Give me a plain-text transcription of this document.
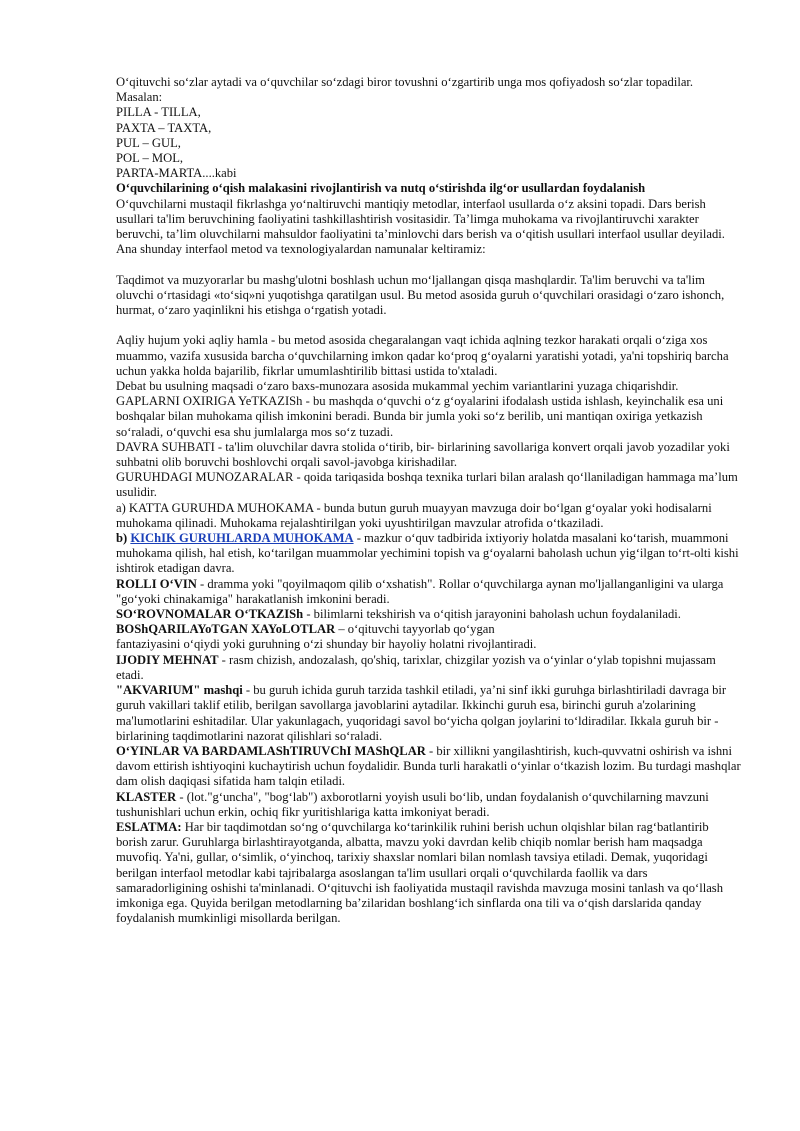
O‘qituvchi so‘zlar aytadi va o‘quvchilar so‘zdagi biror tovushni o‘zgartirib unga mos qofiyadosh so‘zlar topadilar.

Masalan:

PILLA - TILLA,

PAXTA – TAXTA,

PUL – GUL,

POL – MOL,

PARTA-MARTA....kabi

O‘quvchilarining o‘qish malakasini rivojlantirish va nutq o‘stirishda ilg‘or usullardan foydalanish

O‘quvchilarni mustaqil fikrlashga yo‘naltiruvchi mantiqiy metodlar, interfaol usullarda o‘z aksini topadi. Dars berish usullari ta'lim beruvchining faoliyatini tashkillashtirish vositasidir. Ta’limga muhokama va rivojlantiruvchi xarakter beruvchi, ta’lim oluvchilarni mahsuldor faoliyatini ta’minlovchi dars berish va o‘qitish usullari interfaol usullar deyiladi. Ana shunday interfaol metod va texnologiyalardan namunalar keltiramiz:

Taqdimot va muzyorarlar bu mashg'ulotni boshlash uchun mo‘ljallangan qisqa mashqlardir. Ta'lim beruvchi va ta'lim oluvchi o‘rtasidagi «to‘siq»ni yuqotishga qaratilgan usul. Bu metod asosida guruh o‘quvchilari orasidagi o‘zaro ishonch, hurmat, o‘zaro yaqinlikni his etishga o‘rgatish yotadi.

Aqliy hujum yoki aqliy hamla - bu metod asosida chegaralangan vaqt ichida aqlning tezkor harakati orqali o‘ziga xos muammo, vazifa xususida barcha o‘quvchilarning imkon qadar ko‘proq g‘oyalarni yaratishi yotadi, ya'ni topshiriq barcha uchun yakka holda bajarilib, fikrlar umumlashtirilib bittasi ustida to'xtaladi.

Debat bu usulning maqsadi o‘zaro baxs-munozara asosida mukammal yechim variantlarini yuzaga chiqarishdir.

GAPLARNI OXIRIGA YeTKAZISh - bu mashqda o‘quvchi o‘z g‘oyalarini ifodalash ustida ishlash, keyinchalik esa uni boshqalar bilan muhokama qilish imkonini beradi. Bunda bir jumla yoki so‘z berilib, uni mantiqan oxiriga yetkazish so‘raladi, o‘quvchi esa shu jumlalarga mos so‘z tuzadi.

DAVRA SUHBATI - ta'lim oluvchilar davra stolida o‘tirib, bir- birlarining savollariga konvert orqali javob yozadilar yoki suhbatni olib boruvchi boshlovchi orqali savol-javobga kirishadilar.

GURUHDAGI MUNOZARALAR - qoida tariqasida boshqa texnika turlari bilan aralash qo‘llaniladigan hammaga ma’lum usulidir.

a) KATTA GURUHDA MUHOKAMA - bunda butun guruh muayyan mavzuga doir bo‘lgan g‘oyalar yoki hodisalarni muhokama qilinadi. Muhokama rejalashtirilgan yoki uyushtirilgan mavzular atrofida o‘tkaziladi.

b) KIChIK GURUHLARDA MUHOKAMA - mazkur o‘quv tadbirida ixtiyoriy holatda masalani ko‘tarish, muammoni muhokama qilish, hal etish, ko‘tarilgan muammolar yechimini topish va g‘oyalarni baholash uchun yig‘ilgan to‘rt-olti kishi ishtirok etadigan davra.

ROLLI O‘VIN - dramma yoki "qoyilmaqom qilib o‘xshatish". Rollar o‘quvchilarga aynan mo'ljallanganligini va ularga "go‘yoki chinakamiga" harakatlanish imkonini beradi.

SO‘ROVNOMALAR O‘TKAZISh - bilimlarni tekshirish va o‘qitish jarayonini baholash uchun foydalaniladi.

BOShQARILAYoTGAN XAYoLOTLAR – o‘qituvchi tayyorlab qo‘ygan

fantaziyasini o‘qiydi yoki guruhning o‘zi shunday bir hayoliy holatni rivojlantiradi.

IJODIY MEHNAT - rasm chizish, andozalash, qo'shiq, tarixlar, chizgilar yozish va o‘yinlar o‘ylab topishni mujassam etadi.

"AKVARIUM" mashqi - bu guruh ichida guruh tarzida tashkil etiladi, ya’ni sinf ikki guruhga birlashtiriladi davraga bir guruh vakillari taklif etilib, berilgan savollarga javoblarini aytadilar. Ikkinchi guruh esa, birinchi guruh a'zolarining ma'lumotlarini eshitadilar. Ular yakunlagach, yuqoridagi savol bo‘yicha qolgan joylarini to‘ldiradilar. Ikkala guruh bir - birlarining taqdimotlarini nazorat qilishlari so‘raladi.

O‘YINLAR VA BARDAMLAShTIRUVChI MAShQLAR - bir xillikni yangilashtirish, kuch-quvvatni oshirish va ishni davom ettirish ishtiyoqini kuchaytirish uchun foydalidir. Bunda turli harakatli o‘yinlar o‘tkazish lozim. Bu turdagi mashqlar dam olish daqiqasi sifatida ham talqin etiladi.

KLASTER - (lot."g‘uncha", "bog‘lab") axborotlarni yoyish usuli bo‘lib, undan foydalanish o‘quvchilarning mavzuni tushunishlari uchun erkin, ochiq fikr yuritishlariga katta imkoniyat beradi.

ESLATMA: Har bir taqdimotdan so‘ng o‘quvchilarga ko‘tarinkilik ruhini berish uchun olqishlar bilan rag‘batlantirib borish zarur. Guruhlarga birlashtirayotganda, albatta, mavzu yoki davrdan kelib chiqib nomlar berish ham maqsadga muvofiq. Ya'ni, gullar, o‘simlik, o‘yinchoq, tarixiy shaxslar nomlari bilan nomlash tavsiya etiladi. Demak, yuqoridagi berilgan interfaol metodlar kabi tajribalarga asoslangan ta'lim usullari orqali o‘quvchilarda faollik va dars samaradorligining oshishi ta'minlanadi. O‘qituvchi ish faoliyatida mustaqil ravishda mavzuga mosini tanlash va qo‘llash imkoniga ega. Quyida berilgan metodlarning ba’zilaridan boshlang‘ich sinflarda ona tili va o‘qish darslarida qanday foydalanish mumkinligi misollarda berilgan.
